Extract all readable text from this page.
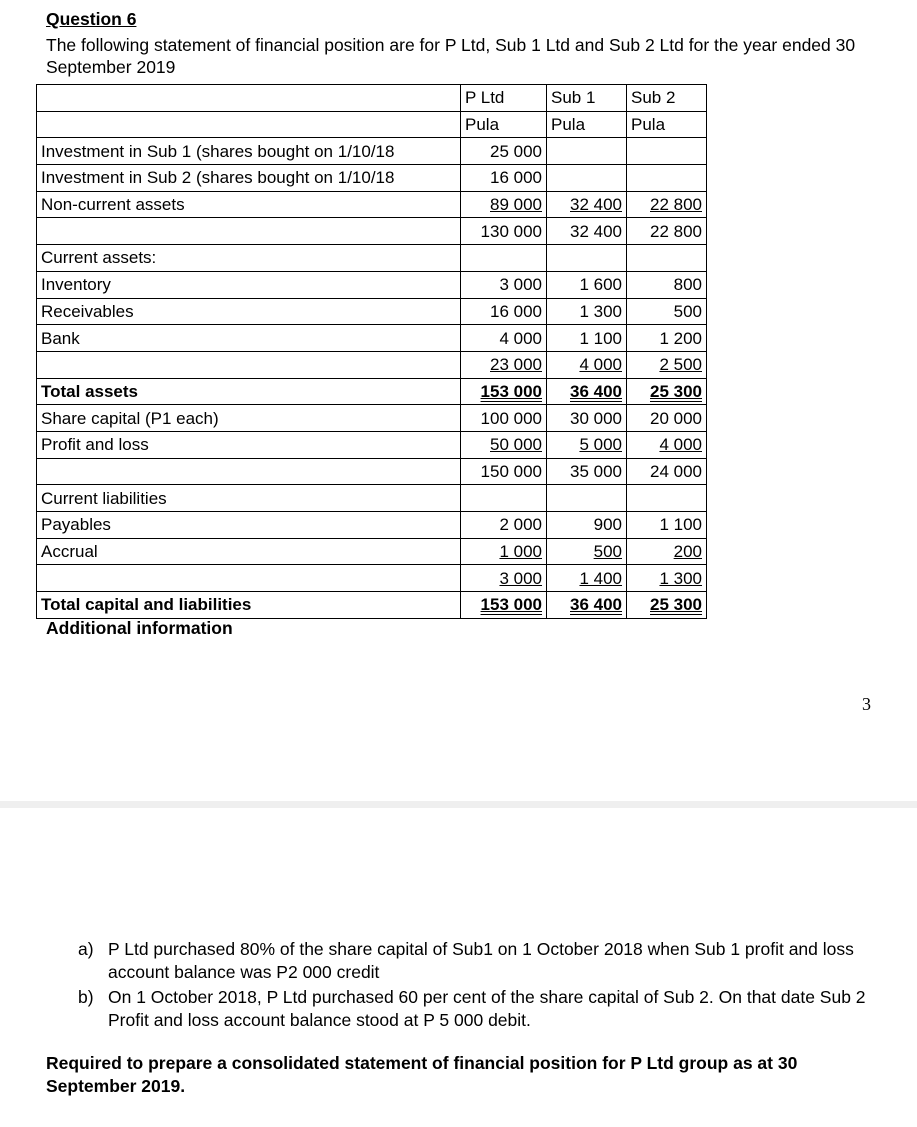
Question 6
The following statement of financial position are for P Ltd, Sub 1 Ltd and Sub 2 Ltd for the year ended 30 September 2019
	P Ltd	Sub 1	Sub 2
	Pula	Pula	Pula
Investment in Sub 1 (shares bought on 1/10/18	25 000		
Investment in Sub 2 (shares bought on 1/10/18	16 000		
Non-current assets	89 000	32 400	22 800
	130 000	32 400	22 800
Current assets:			
Inventory	3 000	1 600	800
Receivables	16 000	1 300	500
Bank	4 000	1 100	1 200
	23 000	4 000	2 500
Total assets	153 000	36 400	25 300
Share capital (P1 each)	100 000	30 000	20 000
Profit and loss	50 000	5 000	4 000
	150 000	35 000	24 000
Current liabilities			
Payables	2 000	900	1 100
Accrual	1 000	500	200
	3 000	1 400	1 300
Total capital and liabilities	153 000	36 400	25 300
Additional information
3
a) P Ltd purchased 80% of the share capital of Sub1 on 1 October 2018 when Sub 1 profit and loss account balance was P2 000 credit
b) On 1 October 2018, P Ltd purchased 60 per cent of the share capital of Sub 2. On that date Sub 2 Profit and loss account balance stood at P 5 000 debit.
Required to prepare a consolidated statement of financial position for P Ltd group as at 30 September 2019.
